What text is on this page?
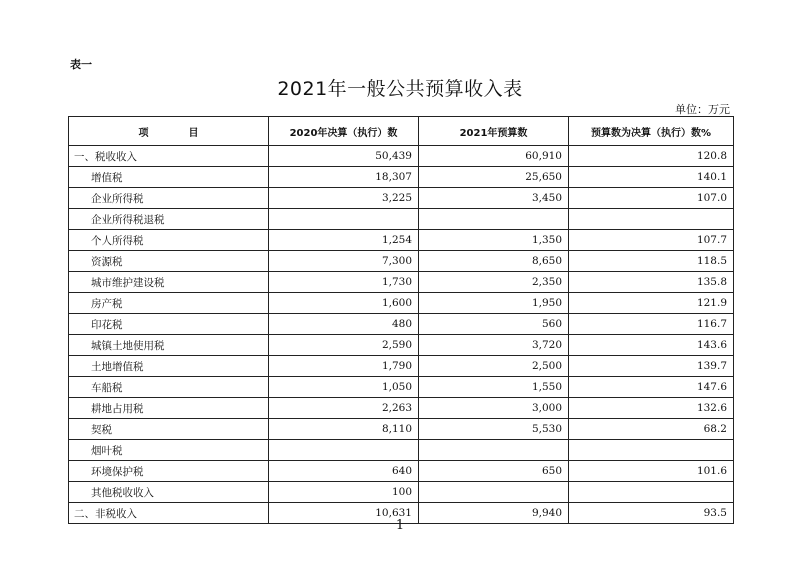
表一
2021年一般公共预算收入表
单位：万元
项　　　　目	2020年决算（执行）数	2021年预算数	预算数为决算（执行）数%
一、税收收入	50,439	60,910	120.8
增值税	18,307	25,650	140.1
企业所得税	3,225	3,450	107.0
企业所得税退税			
个人所得税	1,254	1,350	107.7
资源税	7,300	8,650	118.5
城市维护建设税	1,730	2,350	135.8
房产税	1,600	1,950	121.9
印花税	480	560	116.7
城镇土地使用税	2,590	3,720	143.6
土地增值税	1,790	2,500	139.7
车船税	1,050	1,550	147.6
耕地占用税	2,263	3,000	132.6
契税	8,110	5,530	68.2
烟叶税			
环境保护税	640	650	101.6
其他税收收入	100		
二、非税收入	10,631	9,940	93.5
1
